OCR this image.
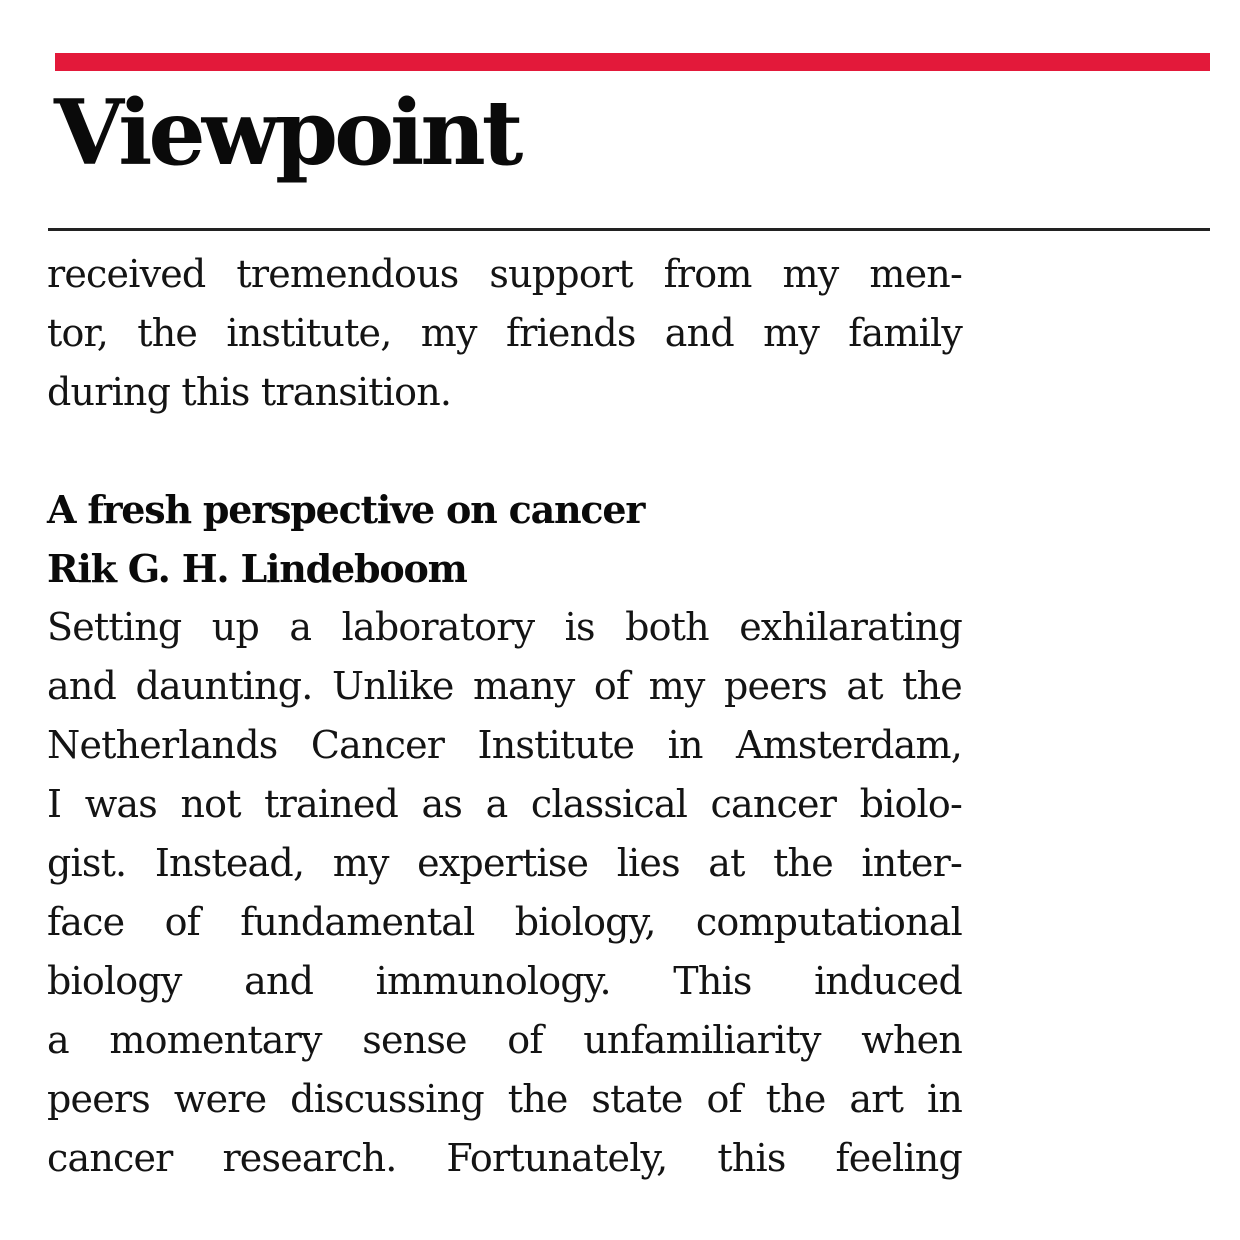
Viewpoint
received tremendous support from my men-
tor, the institute, my friends and my family
during this transition.
A fresh perspective on cancer
Rik G. H. Lindeboom
Setting up a laboratory is both exhilarating
and daunting. Unlike many of my peers at the
Netherlands Cancer Institute in Amsterdam,
I was not trained as a classical cancer biolo-
gist. Instead, my expertise lies at the inter-
face of fundamental biology, computational
biology and immunology. This induced
a momentary sense of unfamiliarity when
peers were discussing the state of the art in
cancer research. Fortunately, this feeling
